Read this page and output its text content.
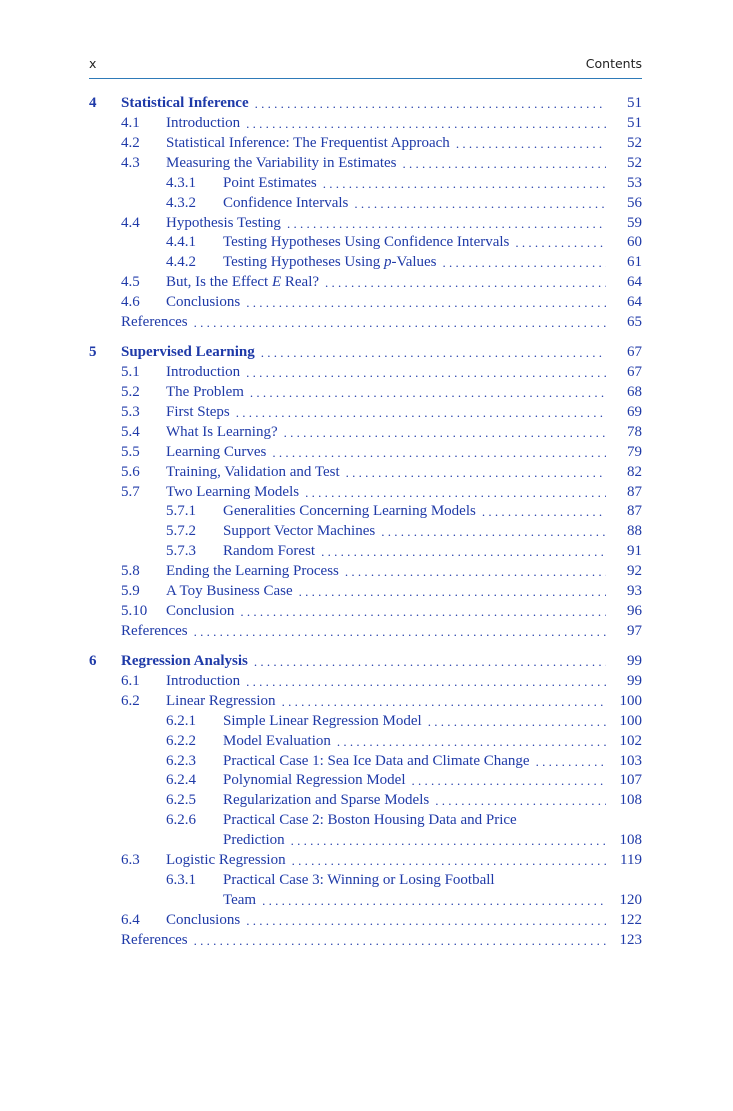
x	Contents
4 Statistical Inference . . .	51
4.1 Introduction . . .	51
4.2 Statistical Inference: The Frequentist Approach . . .	52
4.3 Measuring the Variability in Estimates . . .	52
4.3.1 Point Estimates . . .	53
4.3.2 Confidence Intervals . . .	56
4.4 Hypothesis Testing . . .	59
4.4.1 Testing Hypotheses Using Confidence Intervals . . .	60
4.4.2 Testing Hypotheses Using p-Values . . .	61
4.5 But, Is the Effect E Real? . . .	64
4.6 Conclusions . . .	64
References . . .	65
5 Supervised Learning . . .	67
5.1 Introduction . . .	67
5.2 The Problem . . .	68
5.3 First Steps . . .	69
5.4 What Is Learning? . . .	78
5.5 Learning Curves . . .	79
5.6 Training, Validation and Test . . .	82
5.7 Two Learning Models . . .	87
5.7.1 Generalities Concerning Learning Models . . .	87
5.7.2 Support Vector Machines . . .	88
5.7.3 Random Forest . . .	91
5.8 Ending the Learning Process . . .	92
5.9 A Toy Business Case . . .	93
5.10 Conclusion . . .	96
References . . .	97
6 Regression Analysis . . .	99
6.1 Introduction . . .	99
6.2 Linear Regression . . .	100
6.2.1 Simple Linear Regression Model . . .	100
6.2.2 Model Evaluation . . .	102
6.2.3 Practical Case 1: Sea Ice Data and Climate Change . . .	103
6.2.4 Polynomial Regression Model . . .	107
6.2.5 Regularization and Sparse Models . . .	108
6.2.6 Practical Case 2: Boston Housing Data and Price
Prediction . . .	108
6.3 Logistic Regression . . .	119
6.3.1 Practical Case 3: Winning or Losing Football
Team . . .	120
6.4 Conclusions . . .	122
References . . .	123
